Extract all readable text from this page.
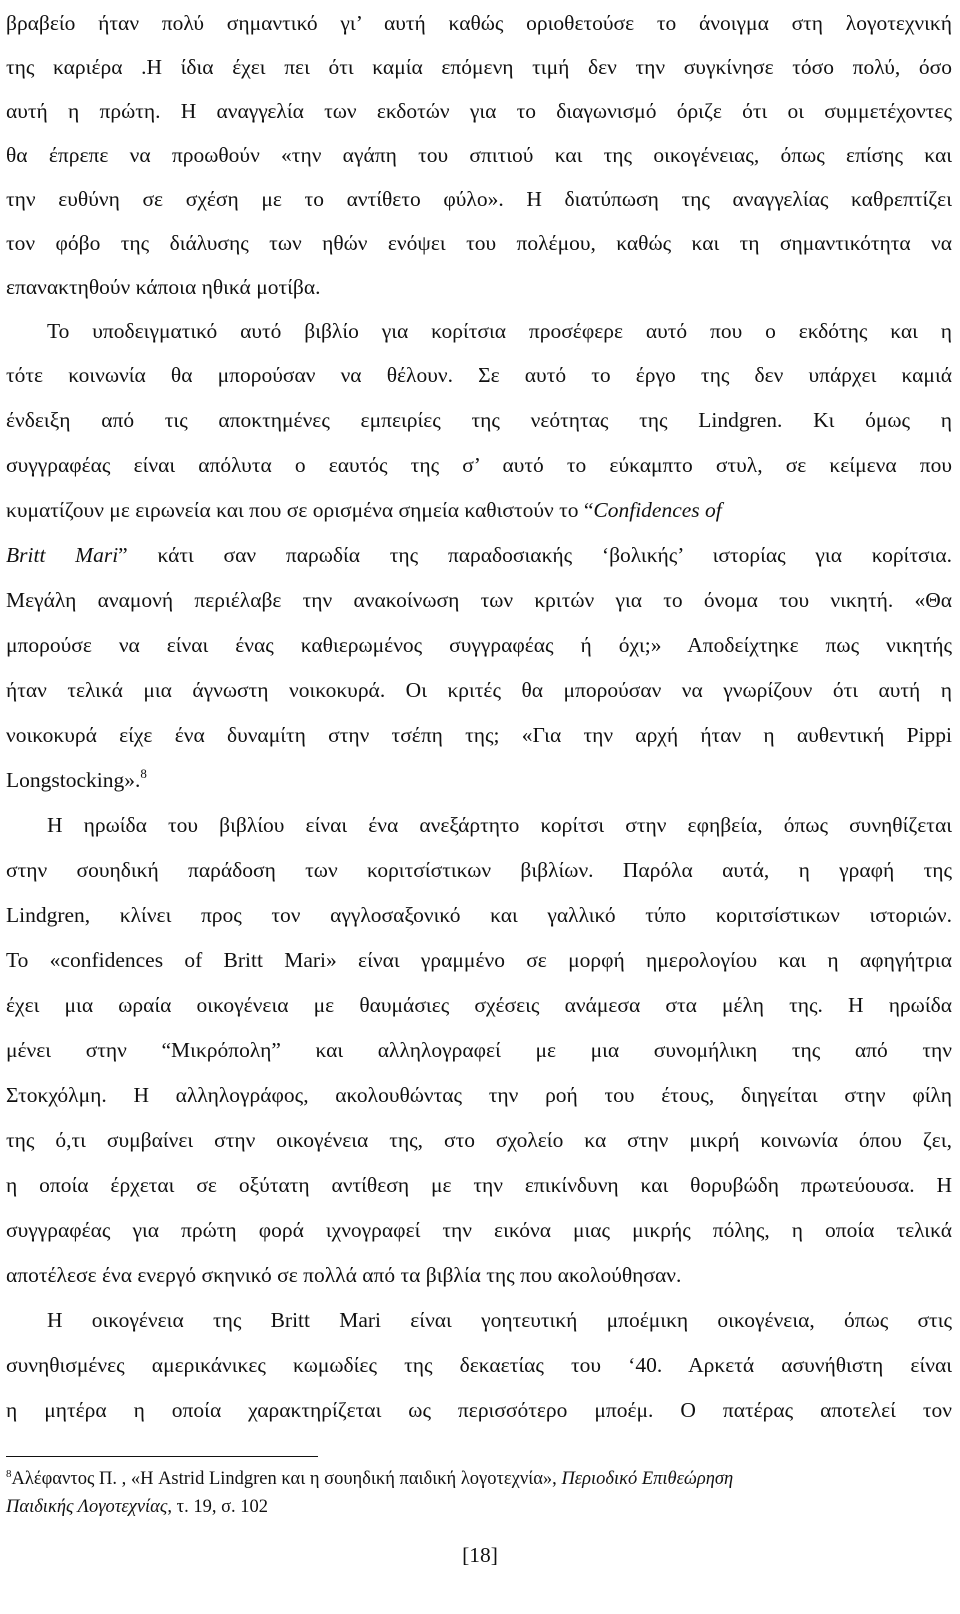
βραβείο ήταν πολύ σημαντικό γι’ αυτή καθώς οριοθετούσε το άνοιγμα στη λογοτεχνική
της καριέρα .Η ίδια έχει πει ότι καμία επόμενη τιμή δεν την συγκίνησε τόσο πολύ, όσο
αυτή η πρώτη. Η αναγγελία των εκδοτών για το διαγωνισμό όριζε ότι οι συμμετέχοντες
θα έπρεπε να προωθούν «την αγάπη του σπιτιού και της οικογένειας, όπως επίσης και
την ευθύνη σε σχέση με το αντίθετο φύλο». Η διατύπωση της αναγγελίας καθρεπτίζει
τον φόβο της διάλυσης των ηθών ενόψει του πολέμου, καθώς και τη σημαντικότητα να
επανακτηθούν κάποια ηθικά μοτίβα.
Το υποδειγματικό αυτό βιβλίο για κορίτσια προσέφερε αυτό που ο εκδότης και η
τότε κοινωνία θα μπορούσαν να θέλουν. Σε αυτό το έργο της δεν υπάρχει καμιά
ένδειξη από τις αποκτημένες εμπειρίες της νεότητας της Lindgren. Κι όμως η
συγγραφέας είναι απόλυτα ο εαυτός της σ’ αυτό το εύκαμπτο στυλ, σε κείμενα που
κυματίζουν με ειρωνεία και που σε ορισμένα σημεία καθιστούν το “Confidences of
Britt Mari” κάτι σαν παρωδία της παραδοσιακής ‘βολικής’ ιστορίας για κορίτσια.
Μεγάλη αναμονή περιέλαβε την ανακοίνωση των κριτών για το όνομα του νικητή. «Θα
μπορούσε να είναι ένας καθιερωμένος συγγραφέας ή όχι;» Αποδείχτηκε πως νικητής
ήταν τελικά μια άγνωστη νοικοκυρά. Οι κριτές θα μπορούσαν να γνωρίζουν ότι αυτή η
νοικοκυρά είχε ένα δυναμίτη στην τσέπη της; «Για την αρχή ήταν η αυθεντική Pippi
Longstocking».$^8$
Η ηρωίδα του βιβλίου είναι ένα ανεξάρτητο κορίτσι στην εφηβεία, όπως συνηθίζεται
στην σουηδική παράδοση των κοριτσίστικων βιβλίων. Παρόλα αυτά, η γραφή της
Lindgren, κλίνει προς τον αγγλοσαξονικό και γαλλικό τύπο κοριτσίστικων ιστοριών.
Το «confidences of Britt Mari» είναι γραμμένο σε μορφή ημερολογίου και η αφηγήτρια
έχει μια ωραία οικογένεια με θαυμάσιες σχέσεις ανάμεσα στα μέλη της. Η ηρωίδα
μένει στην “Μικρόπολη” και αλληλογραφεί με μια συνομήλικη της από την
Στοκχόλμη. Η αλληλογράφος, ακολουθώντας την ροή του έτους, διηγείται στην φίλη
της ό,τι συμβαίνει στην οικογένεια της, στο σχολείο κα στην μικρή κοινωνία όπου ζει,
η οποία έρχεται σε οξύτατη αντίθεση με την επικίνδυνη και θορυβώδη πρωτεύουσα. Η
συγγραφέας για πρώτη φορά ιχνογραφεί την εικόνα μιας μικρής πόλης, η οποία τελικά
αποτέλεσε ένα ενεργό σκηνικό σε πολλά από τα βιβλία της που ακολούθησαν.
Η οικογένεια της Britt Mari είναι γοητευτική μποέμικη οικογένεια, όπως στις
συνηθισμένες αμερικάνικες κωμωδίες της δεκαετίας του ‘40. Αρκετά ασυνήθιστη είναι
η μητέρα η οποία χαρακτηρίζεται ως περισσότερο μποέμ. Ο πατέρας αποτελεί τον
$^8$Αλέφαντος Π. , «Η Astrid Lindgren και η σουηδική παιδική λογοτεχνία», Περιοδικό Επιθεώρηση
Παιδικής Λογοτεχνίας, τ. 19, σ. 102
[18]
